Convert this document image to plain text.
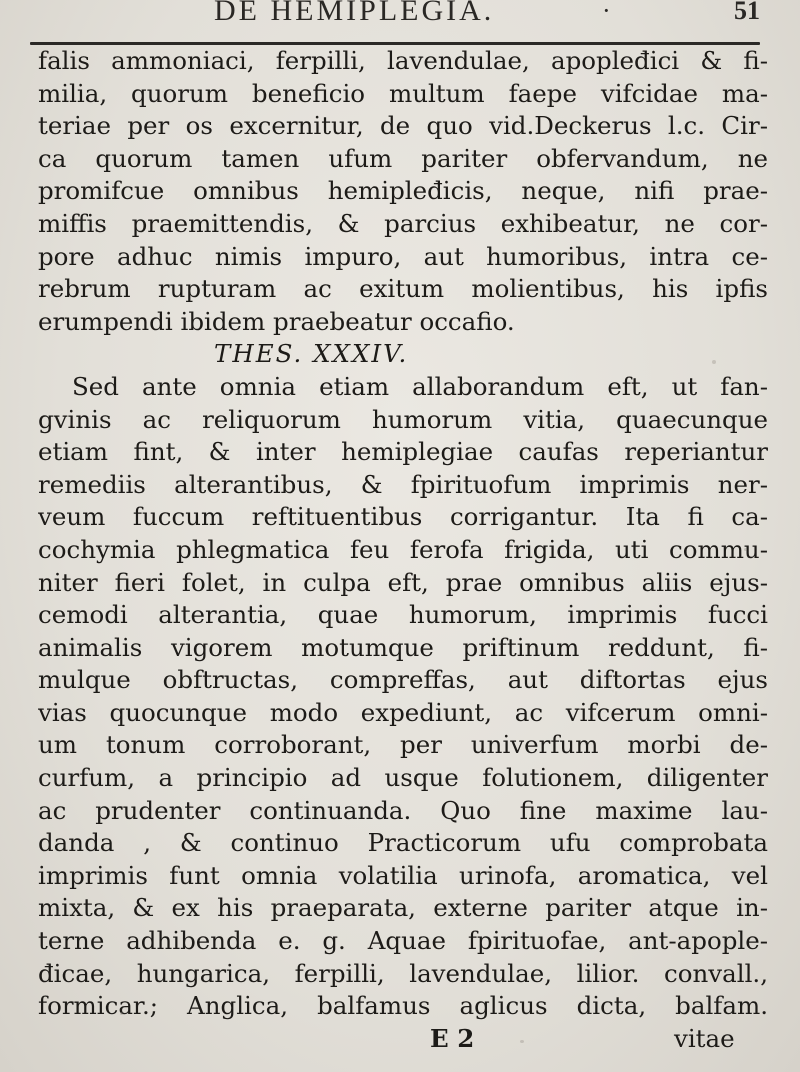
DE HEMIPLEGIA.	·	51
falis ammoniaci, ferpilli, lavendulae, apopleđici & fi-
milia, quorum beneficio multum faepe vifcidae ma-
teriae per os excernitur, de quo vid.Deckerus l.c. Cir-
ca quorum tamen ufum pariter obfervandum, ne
promifcue omnibus hemipleđicis, neque, nifi prae-
miffis praemittendis, & parcius exhibeatur, ne cor-
pore adhuc nimis impuro, aut humoribus, intra ce-
rebrum rupturam ac exitum molientibus, his ipfis
erumpendi ibidem praebeatur occafio.
THES. XXXIV.
Sed ante omnia etiam allaborandum eft, ut fan-
gvinis ac reliquorum humorum vitia, quaecunque
etiam fint, & inter hemiplegiae caufas reperiantur
remediis alterantibus, & fpirituofum imprimis ner-
veum fuccum reftituentibus corrigantur. Ita fi ca-
cochymia phlegmatica feu ferofa frigida, uti commu-
niter fieri folet, in culpa eft, prae omnibus aliis ejus-
cemodi alterantia, quae humorum, imprimis fucci
animalis vigorem motumque priftinum reddunt, fi-
mulque obftructas, compreffas, aut diftortas ejus
vias quocunque modo expediunt, ac vifcerum omni-
um tonum corroborant, per univerfum morbi de-
curfum, a principio ad usque folutionem, diligenter
ac prudenter continuanda. Quo fine maxime lau-
danda , & continuo Practicorum ufu comprobata
imprimis funt omnia volatilia urinofa, aromatica, vel
mixta, & ex his praeparata, externe pariter atque in-
terne adhibenda e. g. Aquae fpirituofae, ant-apople-
đicae, hungarica, ferpilli, lavendulae, lilior. convall.,
formicar.; Anglica, balfamus aglicus dicta, balfam.
E 2	vitae
